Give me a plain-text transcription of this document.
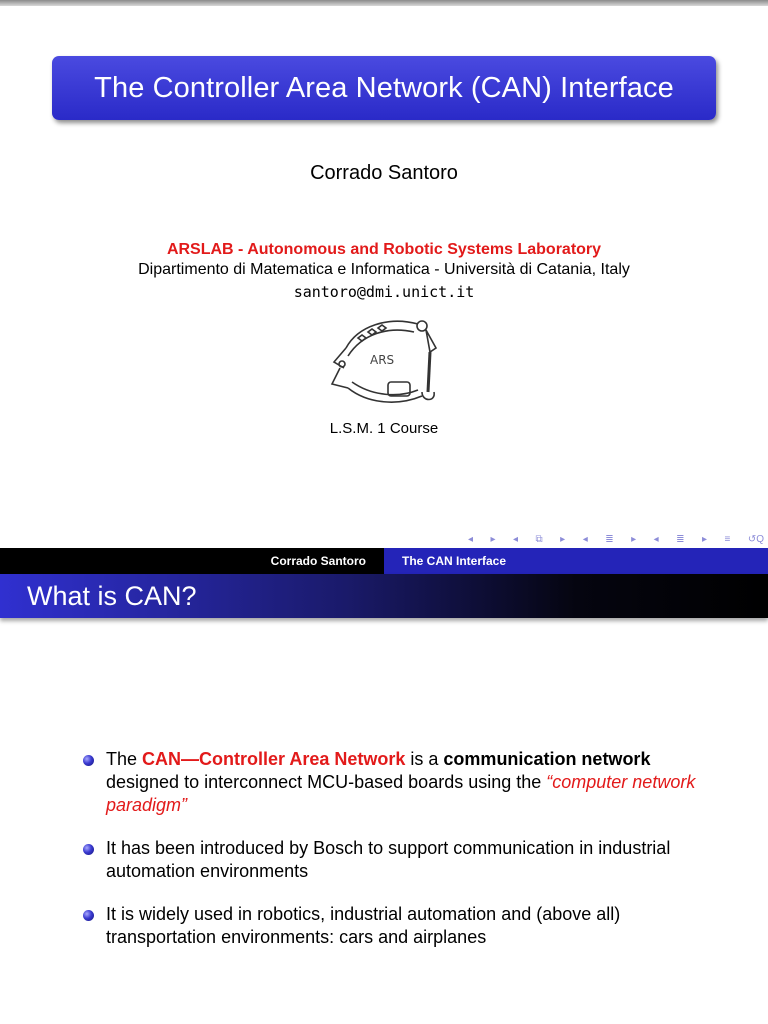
The Controller Area Network (CAN) Interface
Corrado Santoro
ARSLAB - Autonomous and Robotic Systems Laboratory
Dipartimento di Matematica e Informatica - Università di Catania, Italy
santoro@dmi.unict.it
ARS
L.S.M. 1 Course
◂ ▸ ◂ ⧉ ▸ ◂ ≣ ▸ ◂ ≣ ▸ ≡ ↺Q
Corrado Santoro	The CAN Interface
What is CAN?
The CAN—Controller Area Network is a communication network designed to interconnect MCU-based boards using the “computer network paradigm”
It has been introduced by Bosch to support communication in industrial automation environments
It is widely used in robotics, industrial automation and (above all) transportation environments: cars and airplanes
